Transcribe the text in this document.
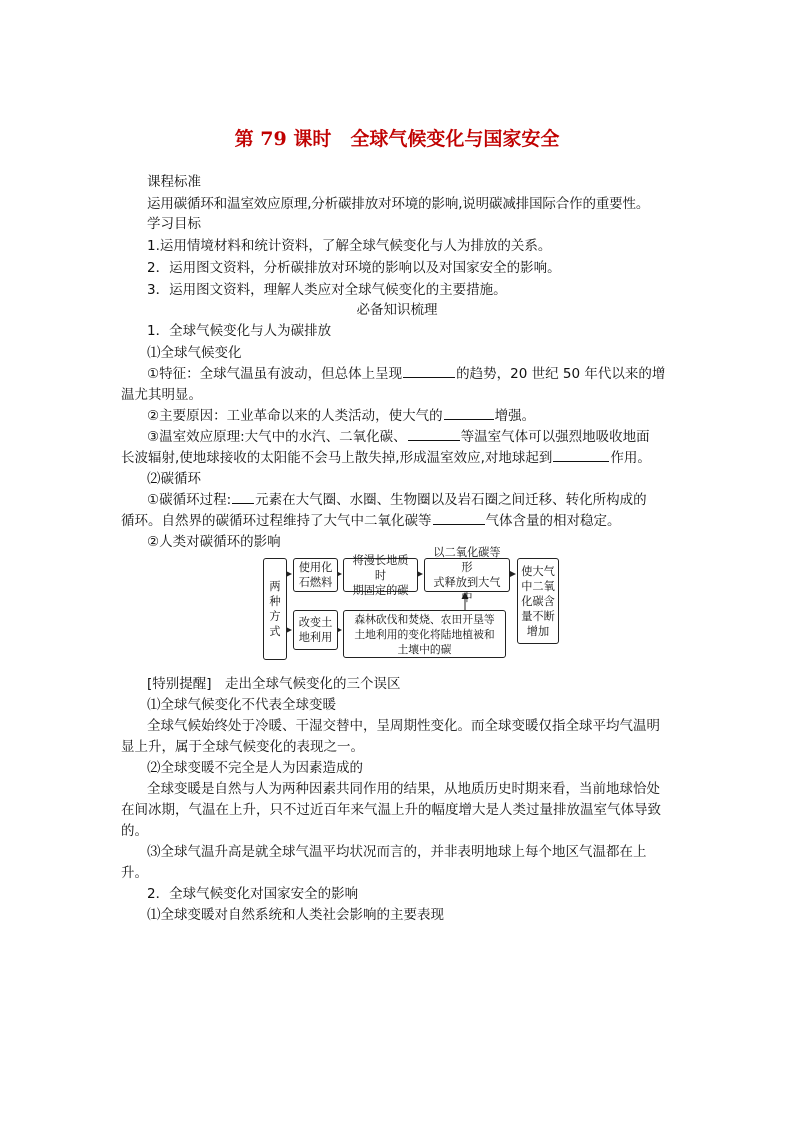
第 79 课时　全球气候变化与国家安全
课程标准
运用碳循环和温室效应原理,分析碳排放对环境的影响,说明碳减排国际合作的重要性。
学习目标
1.运用情境材料和统计资料，了解全球气候变化与人为排放的关系。
2．运用图文资料，分析碳排放对环境的影响以及对国家安全的影响。
3．运用图文资料，理解人类应对全球气候变化的主要措施。
必备知识梳理
1．全球气候变化与人为碳排放
⑴全球气候变化
①特征：全球气温虽有波动，但总体上呈现	的趋势，20 世纪 50 年代以来的增
温尤其明显。
②主要原因：工业革命以来的人类活动，使大气的	增强。
③温室效应原理:大气中的水汽、二氧化碳、	等温室气体可以强烈地吸收地面
长波辐射,使地球接收的太阳能不会马上散失掉,形成温室效应,对地球起到	作用。
⑵碳循环
①碳循环过程: 元素在大气圈、水圈、生物圈以及岩石圈之间迁移、转化所构成的
循环。自然界的碳循环过程维持了大气中二氧化碳等	气体含量的相对稳定。
②人类对碳循环的影响
两
种
方
式
使用化
石燃料
将漫长地质时
期固定的碳
以二氧化碳等形
式释放到大气中
使大气
中二氧
化碳含
量不断
增加
改变土
地利用
森林砍伐和焚烧、农田开垦等
土地利用的变化将陆地植被和
土壤中的碳
[特别提醒]　走出全球气候变化的三个误区
⑴全球气候变化不代表全球变暖
全球气候始终处于冷暖、干湿交替中，呈周期性变化。而全球变暖仅指全球平均气温明
显上升，属于全球气候变化的表现之一。
⑵全球变暖不完全是人为因素造成的
全球变暖是自然与人为两种因素共同作用的结果，从地质历史时期来看，当前地球恰处
在间冰期，气温在上升，只不过近百年来气温上升的幅度增大是人类过量排放温室气体导致
的。
⑶全球气温升高是就全球气温平均状况而言的，并非表明地球上每个地区气温都在上
升。
2．全球气候变化对国家安全的影响
⑴全球变暖对自然系统和人类社会影响的主要表现
